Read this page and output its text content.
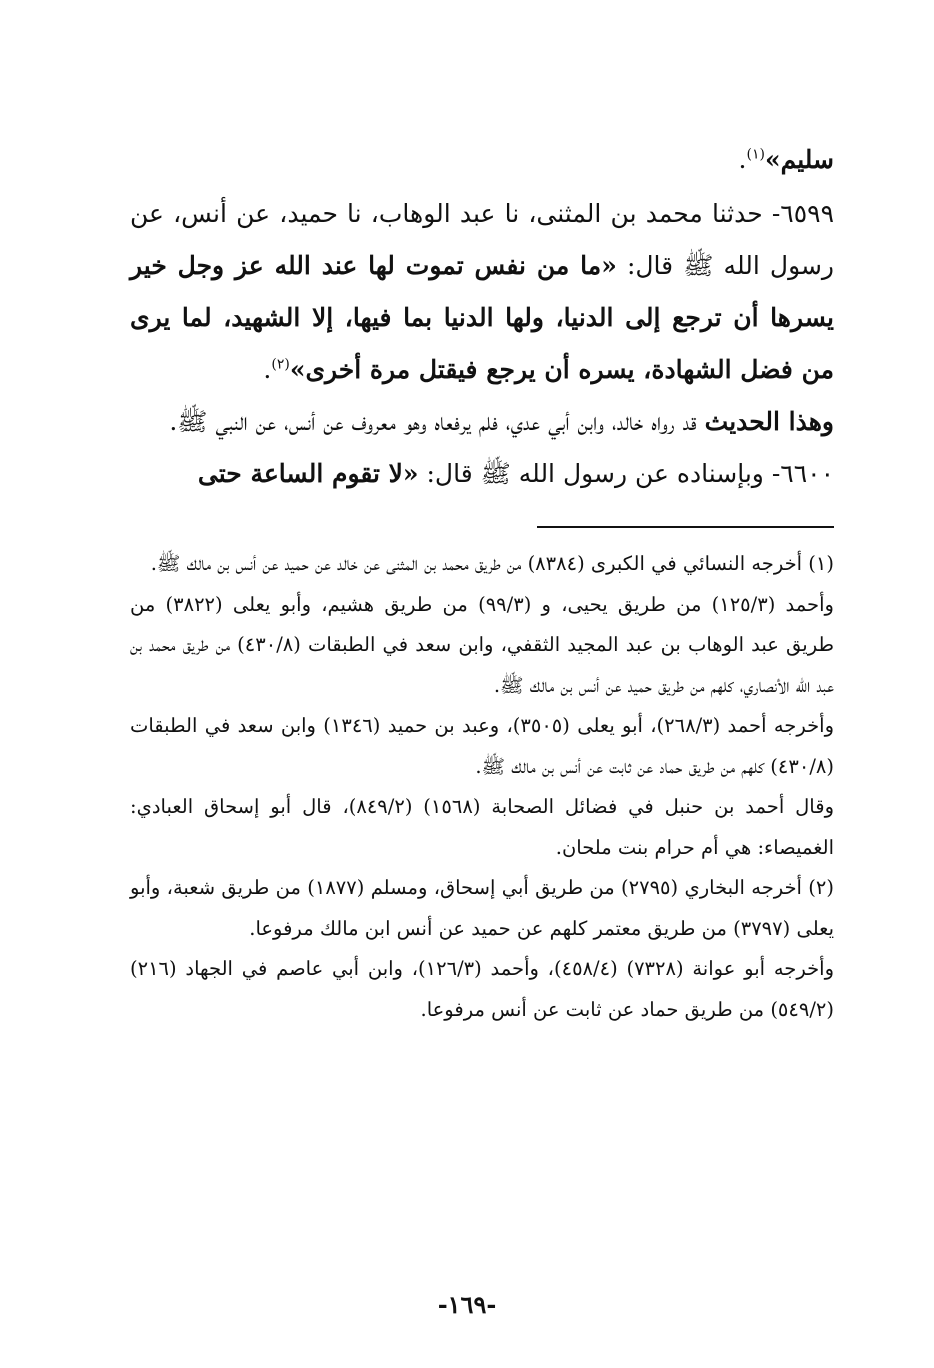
سليم»$^{(١)}$.

٦٥٩٩- حدثنا محمد بن المثنى، نا عبد الوهاب، نا حميد، عن أنس، عن رسول الله ﷺ قال: «ما من نفس تموت لها عند الله عز وجل خير يسرها أن ترجع إلى الدنيا، ولها الدنيا بما فيها، إلا الشهيد، لما يرى من فضل الشهادة، يسره أن يرجع فيقتل مرة أخرى»$^{(٢)}$.

وهذا الحديث قد رواه خالد، وابن أبي عدي، فلم يرفعاه وهو معروف عن أنس، عن النبي ﷺ.

٦٦٠٠- وبإسناده عن رسول الله ﷺ قال: «لا تقوم الساعة حتى

(١) أخرجه النسائي في الكبرى (٨٣٨٤) من طريق محمد بن المثنى عن خالد عن حميد عن أنس بن مالك ﷺ.

وأحمد (١٢٥/٣) من طريق يحيى، و (٩٩/٣) من طريق هشيم، وأبو يعلى (٣٨٢٢) من طريق عبد الوهاب بن عبد المجيد الثقفي، وابن سعد في الطبقات (٤٣٠/٨) من طريق محمد بن عبد الله الأنصاري، كلهم من طريق حميد عن أنس بن مالك ﷺ.

وأخرجه أحمد (٢٦٨/٣)، أبو يعلى (٣٥٠٥)، وعبد بن حميد (١٣٤٦) وابن سعد في الطبقات (٤٣٠/٨) كلهم من طريق حماد عن ثابت عن أنس بن مالك ﷺ.

وقال أحمد بن حنبل في فضائل الصحابة (١٥٦٨) (٨٤٩/٢)، قال أبو إسحاق العبادي: الغميصاء: هي أم حرام بنت ملحان.

(٢) أخرجه البخاري (٢٧٩٥) من طريق أبي إسحاق، ومسلم (١٨٧٧) من طريق شعبة، وأبو يعلى (٣٧٩٧) من طريق معتمر كلهم عن حميد عن أنس ابن مالك مرفوعا.

وأخرجه أبو عوانة (٧٣٢٨) (٤٥٨/٤)، وأحمد (١٢٦/٣)، وابن أبي عاصم في الجهاد (٢١٦) (٥٤٩/٢) من طريق حماد عن ثابت عن أنس مرفوعا.

-١٦٩-
